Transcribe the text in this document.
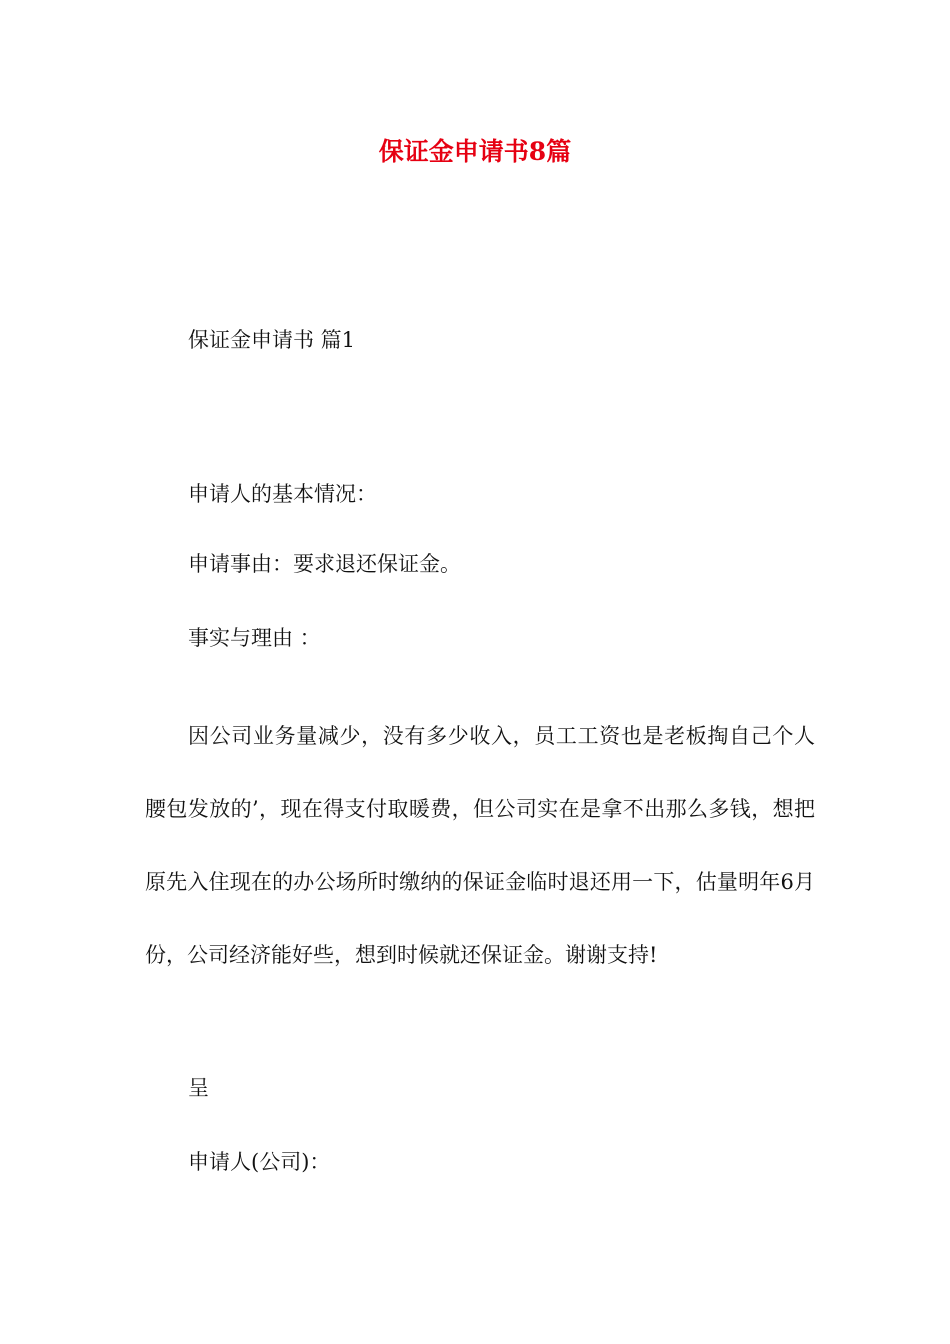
保证金申请书8篇

保证金申请书 篇1

申请人的基本情况：

申请事由：要求退还保证金。

事实与理由 ：

因公司业务量减少，没有多少收入，员工工资也是老板掏自己个人腰包发放的’，现在得支付取暖费，但公司实在是拿不出那么多钱，想把原先入住现在的办公场所时缴纳的保证金临时退还用一下，估量明年6月份，公司经济能好些，想到时候就还保证金。谢谢支持!

呈

申请人(公司)：
